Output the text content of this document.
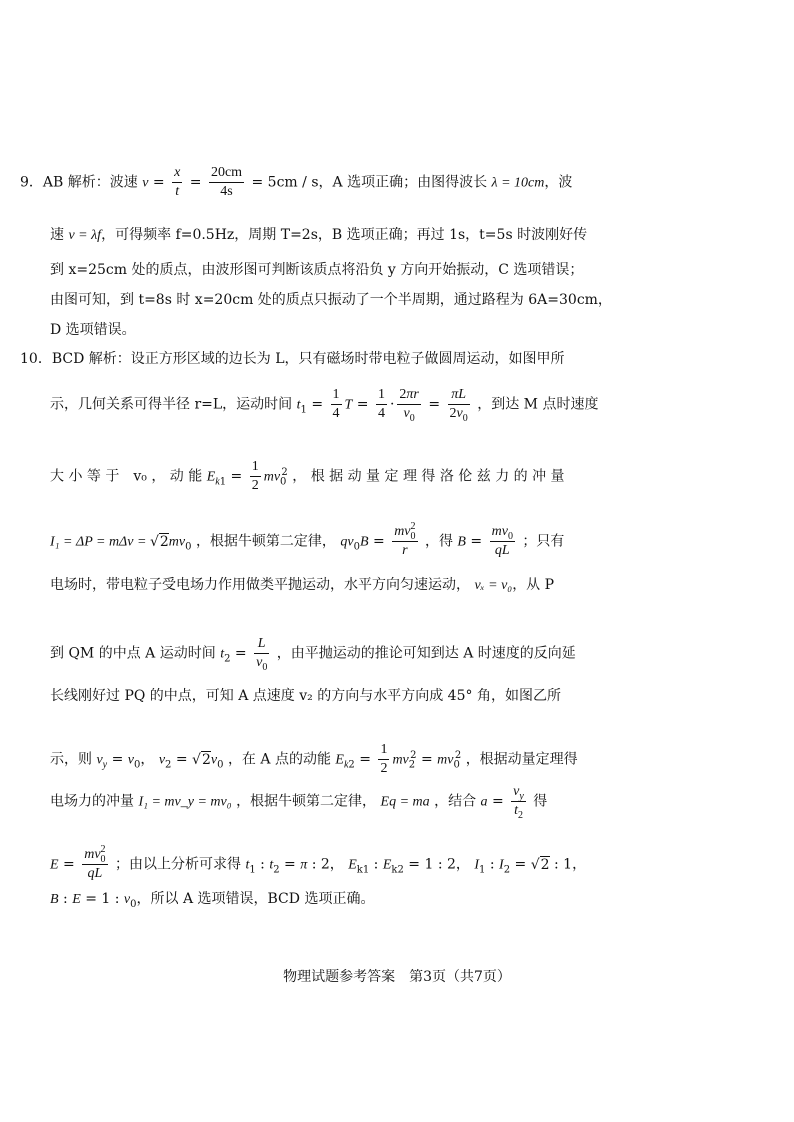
9．AB 解析：波速 $v = \frac{x}{t} = \frac{20cm}{4s} = 5cm / s$，A 选项正确；由图得波长 λ = 10cm，波
速 v = λf，可得频率 f=0.5Hz，周期 T=2s，B 选项正确；再过 1s，t=5s 时波刚好传
到 x=25cm 处的质点，由波形图可判断该质点将沿负 y 方向开始振动，C 选项错误；
由图可知，到 t=8s 时 x=20cm 处的质点只振动了一个半周期，通过路程为 6A=30cm，
D 选项错误。
10．BCD 解析：设正方形区域的边长为 L，只有磁场时带电粒子做圆周运动，如图甲所
示，几何关系可得半径 r=L，运动时间 $t_1 = \frac{1}{4}$ $T = \frac{1}{4} \cdot \frac{2\pi r}{v_0} = \frac{\pi L}{2v_0}$ ，到达 M 点时速度
大 小 等 于　v₀ ， 动 能 $E_{k1} = \frac{1}{2} mv_0^2$ ， 根 据 动 量 定 理 得 洛 伦 兹 力 的 冲 量
$I_1 = \Delta P = m\Delta v = √2mv_0$ ，根据牛顿第二定律， $qv_0B = \frac{mv_0^2}{r}$ ，得 $B = \frac{mv_0}{qL}$ ；只有
电场时，带电粒子受电场力作用做类平抛运动，水平方向匀速运动， vₓ = v₀，从 P
到 QM 的中点 A 运动时间 $t_2 = \frac{L}{v_0}$ ，由平抛运动的推论可知到达 A 时速度的反向延
长线刚好过 PQ 的中点，可知 A 点速度 v₂ 的方向与水平方向成 45° 角，如图乙所
示，则 $v_y = v_0$， $v_2 = √2v_0$ ，在 A 点的动能 $E_{k2} = \frac{1}{2} mv_2^2 = mv_0^2$ ，根据动量定理得
电场力的冲量 I₁ = mv_y = mv₀ ，根据牛顿第二定律， Eq = ma ，结合 $a = \frac{v_y}{t_2}$ 得
$E = \frac{mv_0^2}{qL}$ ；由以上分析可求得 $t_1$ : $t_2 = \pi$ : 2， $E_{k1}$ : $E_{k2} = 1$ : 2， $I_1$ : $I_2 = √2$ : 1，
B : E = 1 : $v_0$，所以 A 选项错误，BCD 选项正确。
物理试题参考答案　第3页（共7页）
